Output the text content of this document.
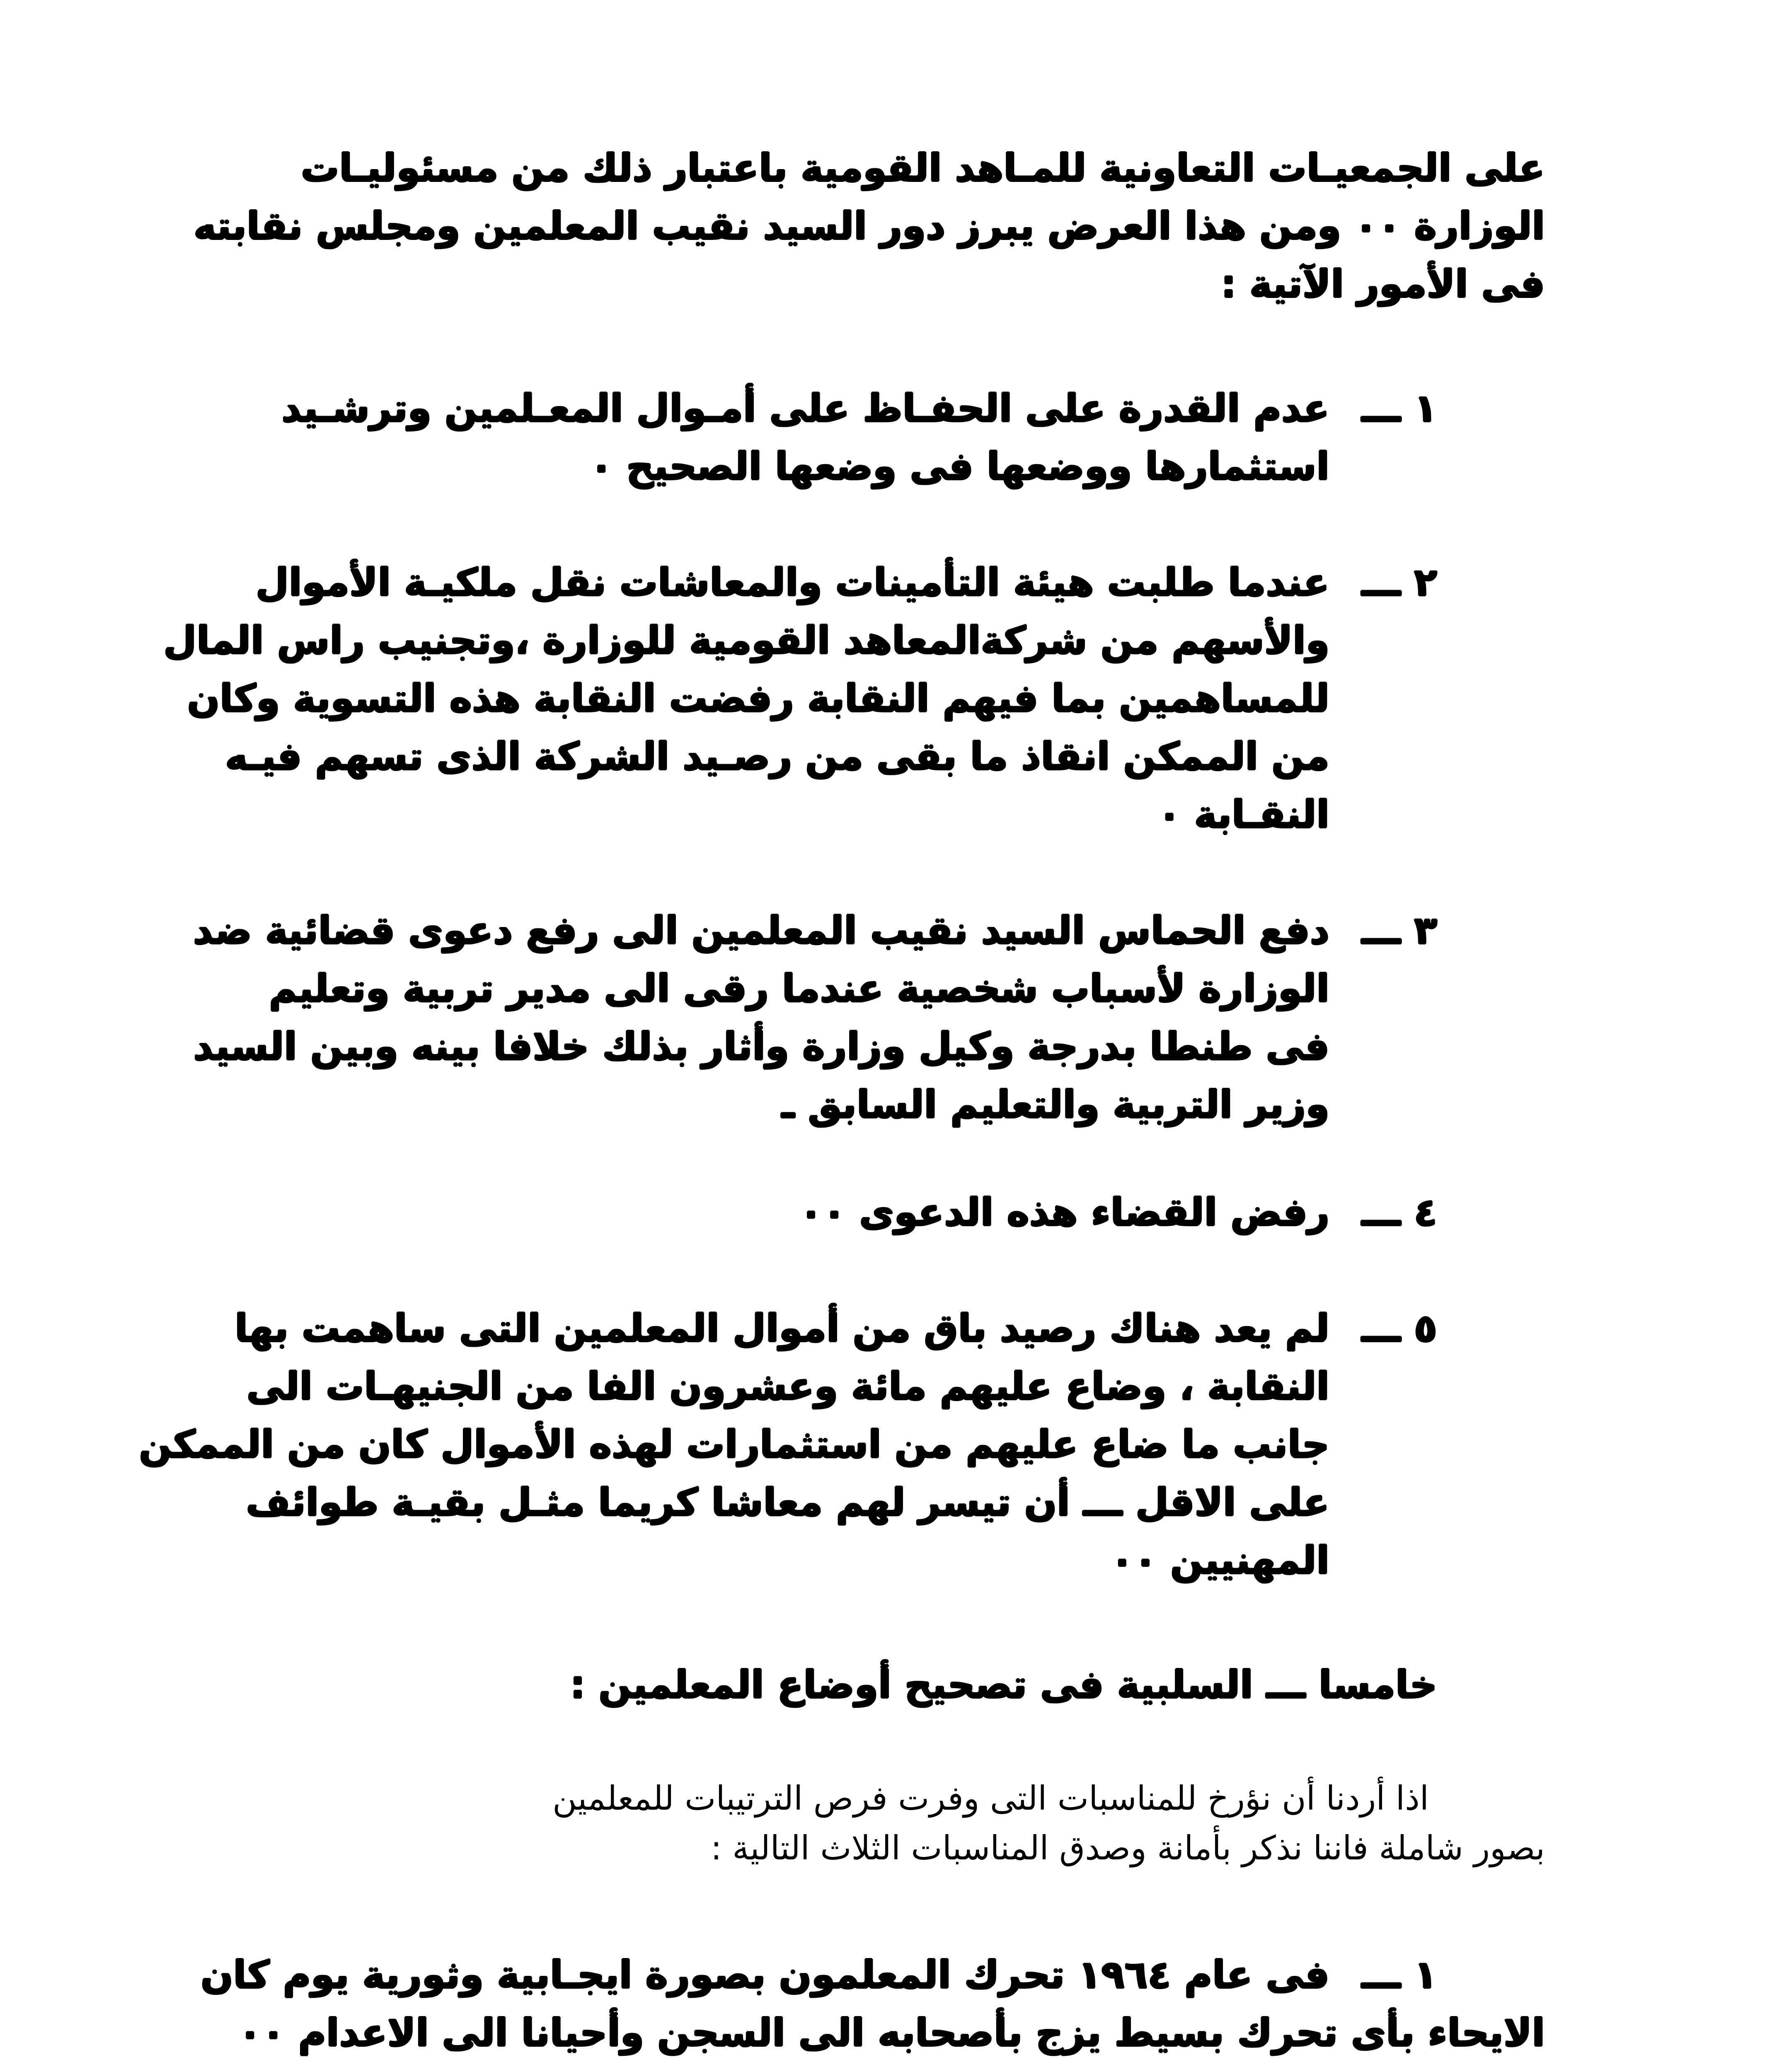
على الجمعيـات التعاونية للمـاهد القومية باعتبار ذلك من مسئوليـات
الوزارة ٠٠ ومن هذا العرض يبرز دور السيد نقيب المعلمين ومجلس نقابته
فى الأمور الآتية :
١ ـــ
عدم القدرة على الحفـاظ على أمـوال المعـلمين وترشـيد
استثمارها ووضعها فى وضعها الصحيح ٠
٢ ـــ
عندما طلبت هيئة التأمينات والمعاشات نقل ملكيـة الأموال
والأسهم من شركةالمعاهد القومية للوزارة ،وتجنيب راس المال
للمساهمين بما فيهم النقابة رفضت النقابة هذه التسوية وكان
من الممكن انقاذ ما بقى من رصـيد الشركة الذى تسهم فيـه
النقـابة ٠
٣ ـــ
دفع الحماس السيد نقيب المعلمين الى رفع دعوى قضائية ضد
الوزارة لأسباب شخصية عندما رقى الى مدير تربية وتعليم
فى طنطا بدرجة وكيل وزارة وأثار بذلك خلافا بينه وبين السيد
وزير التربية والتعليم السابق ـ
٤ ـــ
رفض القضاء هذه الدعوى ٠٠
٥ ـــ
لم يعد هناك رصيد باق من أموال المعلمين التى ساهمت بها
النقابة ، وضاع عليهم مائة وعشرون الفا من الجنيهـات الى
جانب ما ضاع عليهم من استثمارات لهذه الأموال كان من الممكن
على الاقل ـــ أن تيسر لهم معاشا كريما مثـل بقيـة طوائف
المهنيين ٠٠
خامسا ـــ السلبية فى تصحيح أوضاع المعلمين :
اذا أردنا أن نؤرخ للمناسبات التى وفرت فرص الترتيبات للمعلمين
بصور شاملة فاننا نذكر بأمانة وصدق المناسبات الثلاث التالية :
١ ـــ
فى عام ١٩٦٤ تحرك المعلمون بصورة ايجـابية وثورية يوم كان
الايحاء بأى تحرك بسيط يزج بأصحابه الى السجن وأحيانا الى الاعدام ٠٠
